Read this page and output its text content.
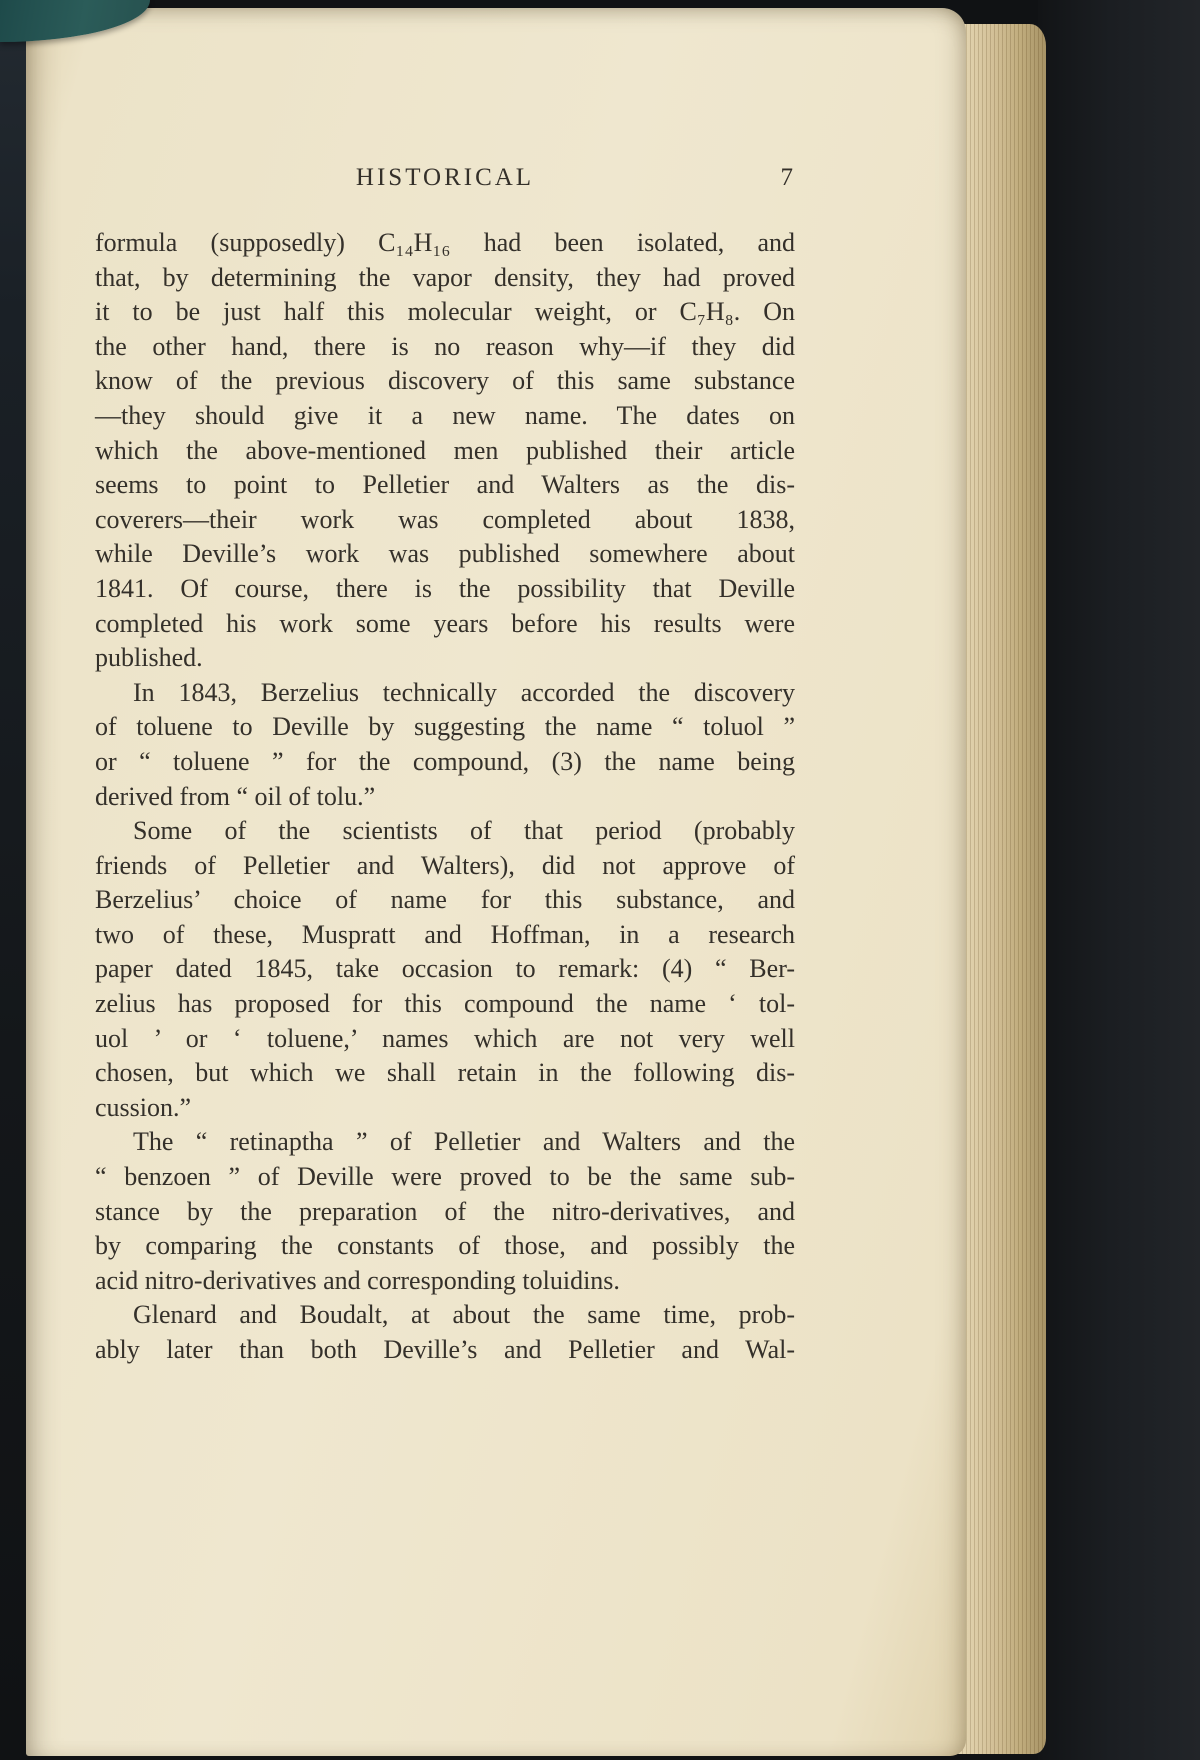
HISTORICAL	7
formula (supposedly) C₁₄H₁₆ had been isolated, and
that, by determining the vapor density, they had proved
it to be just half this molecular weight, or C₇H₈. On
the other hand, there is no reason why—if they did
know of the previous discovery of this same substance
—they should give it a new name. The dates on
which the above-mentioned men published their article
seems to point to Pelletier and Walters as the dis-
coverers—their work was completed about 1838,
while Deville’s work was published somewhere about
1841. Of course, there is the possibility that Deville
completed his work some years before his results were
published.
In 1843, Berzelius technically accorded the discovery
of toluene to Deville by suggesting the name “ toluol ”
or “ toluene ” for the compound, (3) the name being
derived from “ oil of tolu.”
Some of the scientists of that period (probably
friends of Pelletier and Walters), did not approve of
Berzelius’ choice of name for this substance, and
two of these, Muspratt and Hoffman, in a research
paper dated 1845, take occasion to remark: (4) “ Ber-
zelius has proposed for this compound the name ‘ tol-
uol ’ or ‘ toluene,’ names which are not very well
chosen, but which we shall retain in the following dis-
cussion.”
The “ retinaptha ” of Pelletier and Walters and the
“ benzoen ” of Deville were proved to be the same sub-
stance by the preparation of the nitro-derivatives, and
by comparing the constants of those, and possibly the
acid nitro-derivatives and corresponding toluidins.
Glenard and Boudalt, at about the same time, prob-
ably later than both Deville’s and Pelletier and Wal-
